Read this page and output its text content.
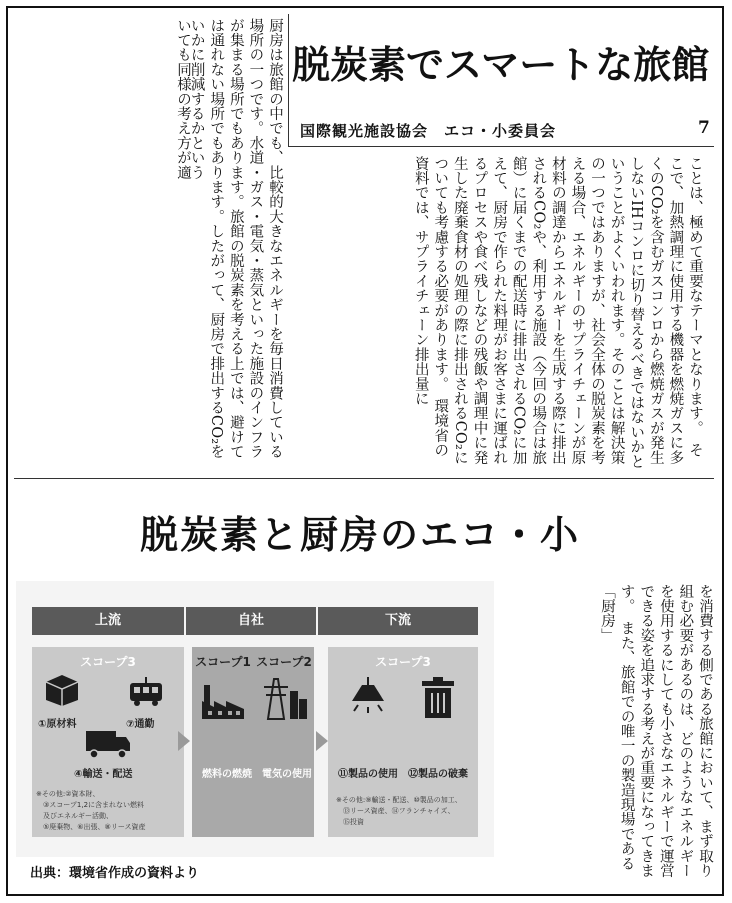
脱炭素でスマートな旅館
国際観光施設協会　エコ・小委員会	7
厨房は旅館の中でも、比較的大きなエネルギーを毎日消費している場所の一つです。水道・ガス・電気・蒸気といった施設のインフラが集まる場所でもあります。旅館の脱炭素を考える上では、避けては通れない場所でもあります。したがって、厨房で排出するCO₂をいかに削減するかという
いても同様の考え方が適
ことは、極めて重要なテーマとなります。　そこで、加熱調理に使用する機器を燃焼ガスに多くのCO₂を含むガスコンロから燃焼ガスが発生しないIHコンロに切り替えるべきではないかということがよくいわれます。そのことは解決策の一つではありますが、社会全体の脱炭素を考える場合、エネルギーのサプライチェーンが原材料の調達からエネルギーを生成する際に排出されるCO₂や、利用する施設（今回の場合は旅館）に届くまでの配送時に排出されるCO₂に加えて、厨房で作られた料理がお客さまに運ばれるプロセスや食べ残しなどの残飯や調理中に発生した廃棄食材の処理の際に排出されるCO₂についても考慮する必要があります。　環境省の資料では、サプライチェーン排出量に
脱炭素と厨房のエコ・小
を消費する側である旅館において、まず取り組む必要があるのは、どのようなエネルギーを使用するにしても小さなエネルギーで運営できる姿を追求する考えが重要になってきます。　また、旅館での唯一の製造現場である「厨房」
上流	自社	下流
スコープ3	スコープ1 スコープ2	スコープ3
①原材料	⑦通勤
④輸送・配送	燃料の燃焼 電気の使用	⑪製品の使用 ⑫製品の破棄
※その他:②資本財、
　③スコープ1,2に含まれない燃料
　及びエネルギー活動、
　⑤廃棄物、⑥出張、⑧リース資産
※その他:⑨輸送・配送、⑩製品の加工、
　⑬リース資産、⑭フランチャイズ、
　⑮投資
出典：環境省作成の資料より
